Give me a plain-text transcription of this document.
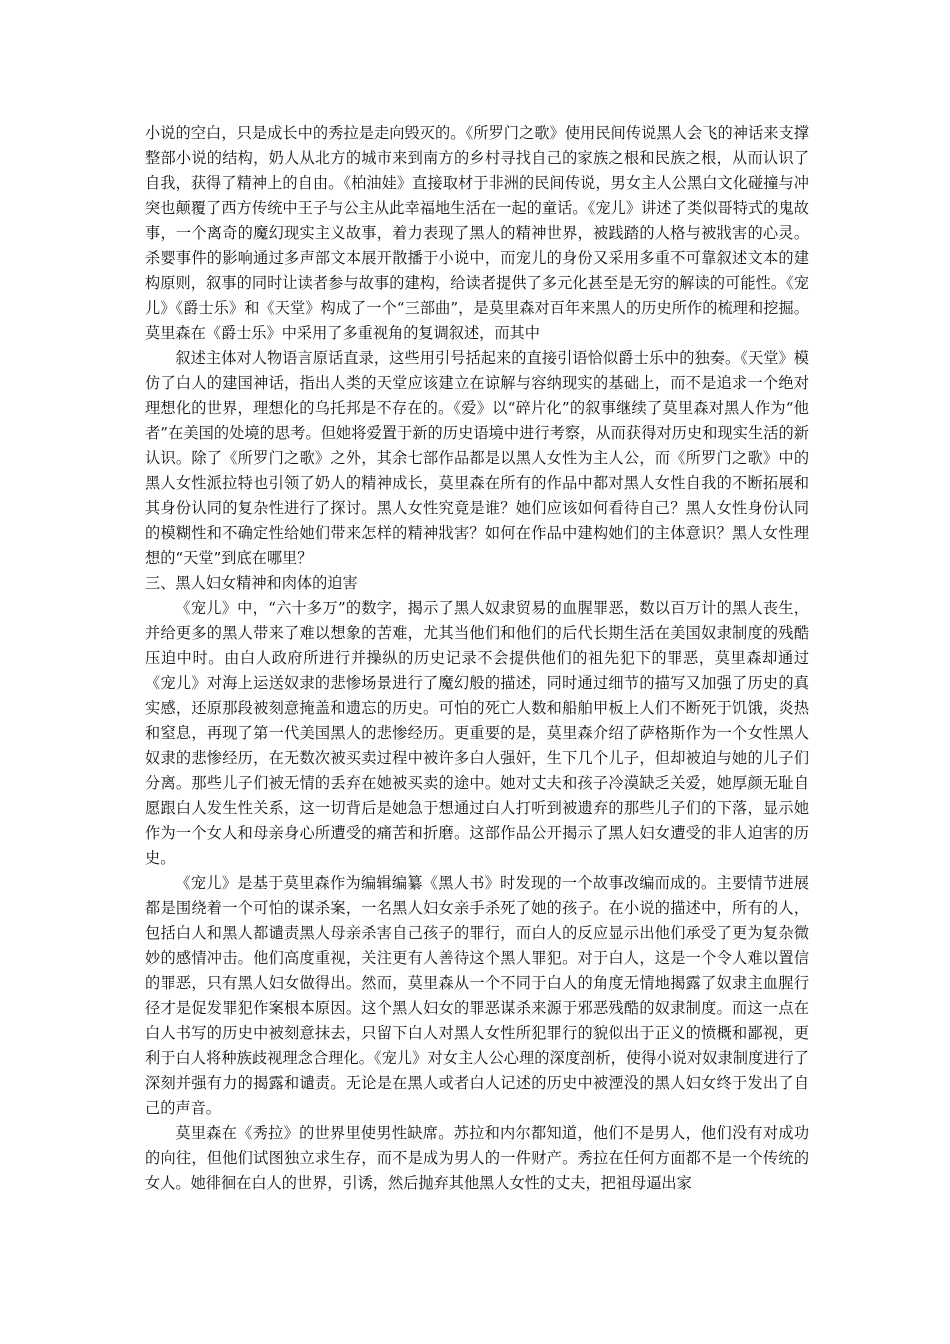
小说的空白，只是成长中的秀拉是走向毁灭的。《所罗门之歌》使用民间传说黑人会飞的神话来支撑整部小说的结构，奶人从北方的城市来到南方的乡村寻找自己的家族之根和民族之根，从而认识了自我，获得了精神上的自由。《柏油娃》直接取材于非洲的民间传说，男女主人公黑白文化碰撞与冲突也颠覆了西方传统中王子与公主从此幸福地生活在一起的童话。《宠儿》讲述了类似哥特式的鬼故事，一个离奇的魔幻现实主义故事，着力表现了黑人的精神世界，被践踏的人格与被戕害的心灵。杀婴事件的影响通过多声部文本展开散播于小说中，而宠儿的身份又采用多重不可靠叙述文本的建构原则，叙事的同时让读者参与故事的建构，给读者提供了多元化甚至是无穷的解读的可能性。《宠儿》《爵士乐》和《天堂》构成了一个“三部曲”，是莫里森对百年来黑人的历史所作的梳理和挖掘。莫里森在《爵士乐》中采用了多重视角的复调叙述，而其中

叙述主体对人物语言原话直录，这些用引号括起来的直接引语恰似爵士乐中的独奏。《天堂》模仿了白人的建国神话，指出人类的天堂应该建立在谅解与容纳现实的基础上，而不是追求一个绝对理想化的世界，理想化的乌托邦是不存在的。《爱》以“碎片化”的叙事继续了莫里森对黑人作为“他者”在美国的处境的思考。但她将爱置于新的历史语境中进行考察，从而获得对历史和现实生活的新认识。除了《所罗门之歌》之外，其余七部作品都是以黑人女性为主人公，而《所罗门之歌》中的黑人女性派拉特也引领了奶人的精神成长，莫里森在所有的作品中都对黑人女性自我的不断拓展和其身份认同的复杂性进行了探讨。黑人女性究竟是谁？她们应该如何看待自己？黑人女性身份认同的模糊性和不确定性给她们带来怎样的精神戕害？如何在作品中建构她们的主体意识？黑人女性理想的“天堂”到底在哪里？

三、黑人妇女精神和肉体的迫害

《宠儿》中，“六十多万”的数字，揭示了黑人奴隶贸易的血腥罪恶，数以百万计的黑人丧生，并给更多的黑人带来了难以想象的苦难，尤其当他们和他们的后代长期生活在美国奴隶制度的残酷压迫中时。由白人政府所进行并操纵的历史记录不会提供他们的祖先犯下的罪恶，莫里森却通过《宠儿》对海上运送奴隶的悲惨场景进行了魔幻般的描述，同时通过细节的描写又加强了历史的真实感，还原那段被刻意掩盖和遗忘的历史。可怕的死亡人数和船舶甲板上人们不断死于饥饿，炎热和窒息，再现了第一代美国黑人的悲惨经历。更重要的是，莫里森介绍了萨格斯作为一个女性黑人奴隶的悲惨经历，在无数次被买卖过程中被许多白人强奸，生下几个儿子，但却被迫与她的儿子们分离。那些儿子们被无情的丢弃在她被买卖的途中。她对丈夫和孩子冷漠缺乏关爱，她厚颜无耻自愿跟白人发生性关系，这一切背后是她急于想通过白人打听到被遗弃的那些儿子们的下落，显示她作为一个女人和母亲身心所遭受的痛苦和折磨。这部作品公开揭示了黑人妇女遭受的非人迫害的历史。

《宠儿》是基于莫里森作为编辑编纂《黑人书》时发现的一个故事改编而成的。主要情节进展都是围绕着一个可怕的谋杀案，一名黑人妇女亲手杀死了她的孩子。在小说的描述中，所有的人，包括白人和黑人都谴责黑人母亲杀害自己孩子的罪行，而白人的反应显示出他们承受了更为复杂微妙的感情冲击。他们高度重视，关注更有人善待这个黑人罪犯。对于白人，这是一个令人难以置信的罪恶，只有黑人妇女做得出。然而，莫里森从一个不同于白人的角度无情地揭露了奴隶主血腥行径才是促发罪犯作案根本原因。这个黑人妇女的罪恶谋杀来源于邪恶残酷的奴隶制度。而这一点在白人书写的历史中被刻意抹去，只留下白人对黑人女性所犯罪行的貌似出于正义的愤概和鄙视，更利于白人将种族歧视理念合理化。《宠儿》对女主人公心理的深度剖析，使得小说对奴隶制度进行了深刻并强有力的揭露和谴责。无论是在黑人或者白人记述的历史中被湮没的黑人妇女终于发出了自己的声音。

莫里森在《秀拉》的世界里使男性缺席。苏拉和内尔都知道，他们不是男人，他们没有对成功的向往，但他们试图独立求生存，而不是成为男人的一件财产。秀拉在任何方面都不是一个传统的女人。她徘徊在白人的世界，引诱，然后抛弃其他黑人女性的丈夫，把祖母逼出家
